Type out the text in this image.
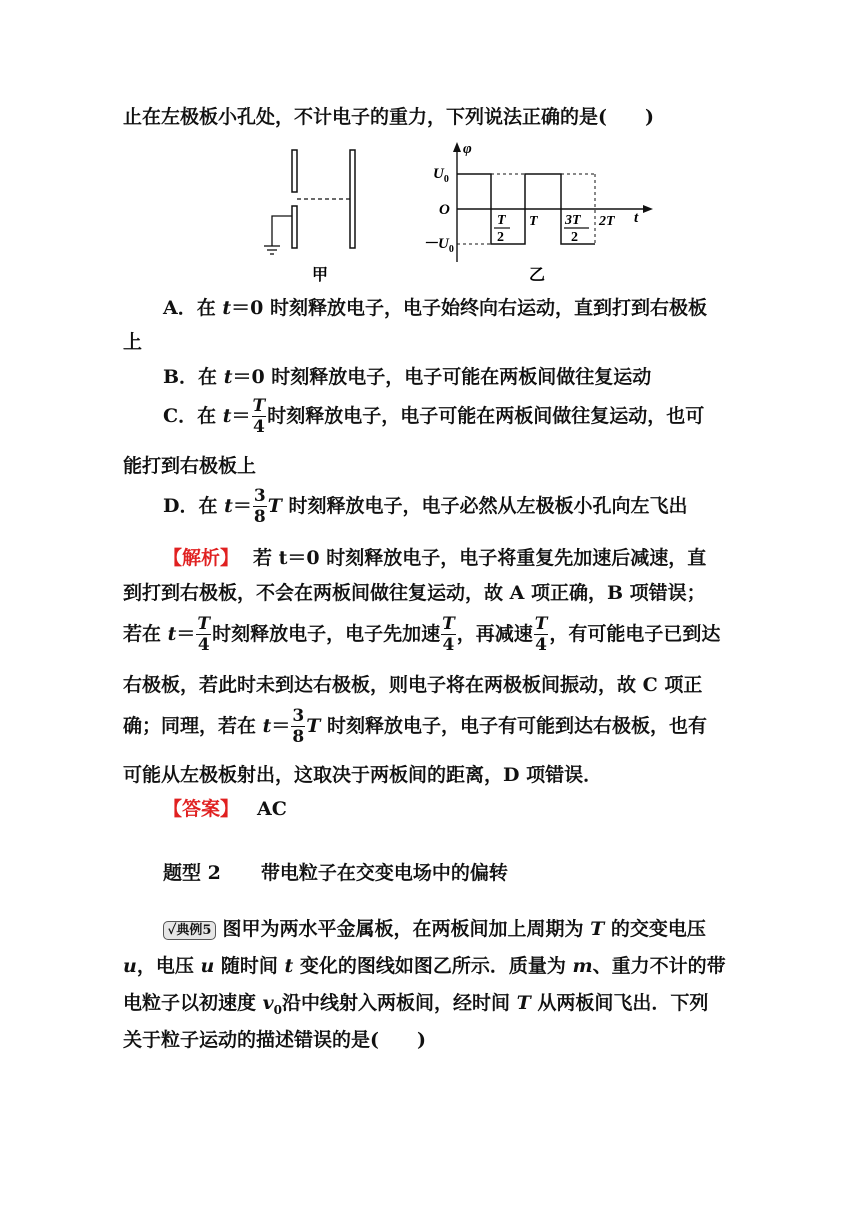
止在左极板小孔处，不计电子的重力，下列说法正确的是(　　)
甲
φ
t
$U_0$
O
$-U_0$
T
2
T 3T
2
2T
乙
A．在 t＝0 时刻释放电子，电子始终向右运动，直到打到右极板
上
B．在 t＝0 时刻释放电子，电子可能在两板间做往复运动
C．在 $t= \frac{T}{4}$ 时刻释放电子，电子可能在两板间做往复运动，也可
能打到右极板上
D．在 $t= \frac{3}{8}$ T 时刻释放电子，电子必然从左极板小孔向左飞出
【解析】 若 t＝0 时刻释放电子，电子将重复先加速后减速，直
到打到右极板，不会在两板间做往复运动，故 A 项正确，B 项错误；
若在 $t= \frac{T}{4}$ 时刻释放电子，电子先加速 $\frac{T}{4}$ ，再减速 $\frac{T}{4}$ ，有可能电子已到达
右极板，若此时未到达右极板，则电子将在两极板间振动，故 C 项正
确；同理，若在 $t= \frac{3}{8}$ T 时刻释放电子，电子有可能到达右极板，也有
可能从左极板射出，这取决于两板间的距离，D 项错误．
【答案】 AC
题型 2 带电粒子在交变电场中的偏转
✓典例5 图甲为两水平金属板，在两板间加上周期为 T 的交变电压
u，电压 u 随时间 t 变化的图线如图乙所示．质量为 m、重力不计的带
电粒子以初速度 $v_0$沿中线射入两板间，经时间 T 从两板间飞出．下列
关于粒子运动的描述错误的是(　　)
